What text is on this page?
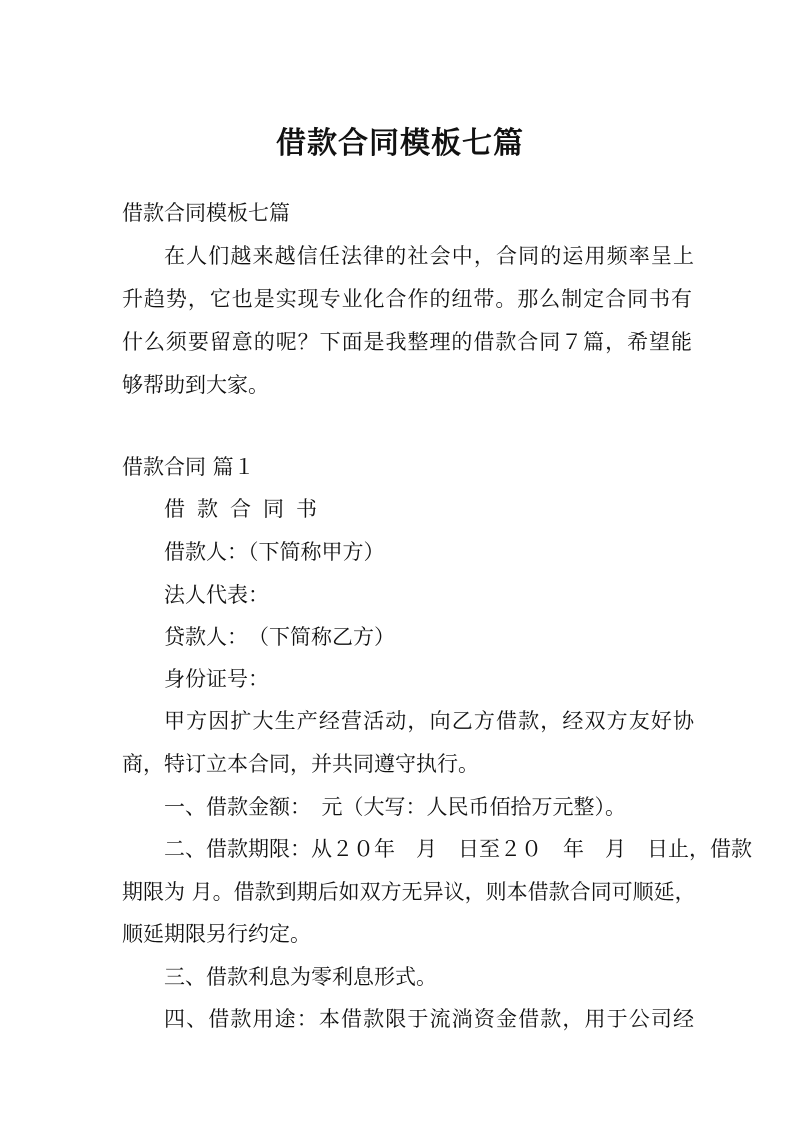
借款合同模板七篇
借款合同模板七篇
在人们越来越信任法律的社会中，合同的运用频率呈上
升趋势，它也是实现专业化合作的纽带。那么制定合同书有
什么须要留意的呢？下面是我整理的借款合同７篇，希望能
够帮助到大家。
借款合同 篇１
借款合同书
借款人：（下简称甲方）
法人代表：
贷款人：　（下简称乙方）
身份证号：
甲方因扩大生产经营活动，向乙方借款，经双方友好协
商，特订立本合同，并共同遵守执行。
一、借款金额：　元（大写：人民币佰拾万元整）。
二、借款期限：从２０年　月　日至２０　年　月　日止，借款
期限为 月。借款到期后如双方无异议，则本借款合同可顺延，
顺延期限另行约定。
三、借款利息为零利息形式。
四、借款用途：本借款限于流淌资金借款，用于公司经
